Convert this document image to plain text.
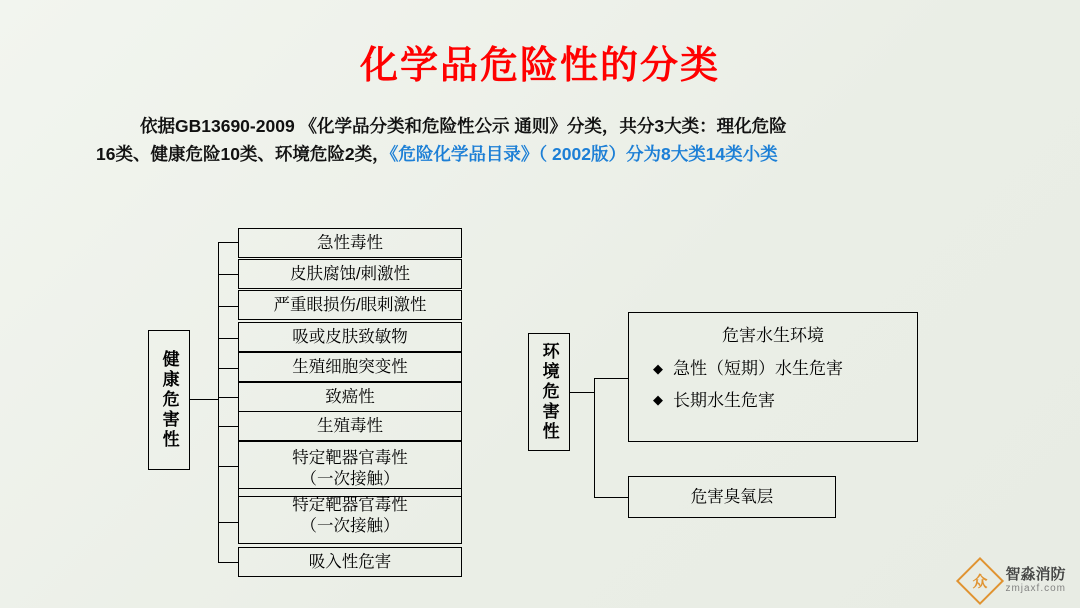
化学品危险性的分类
依据GB13690-2009 《化学品分类和危险性公示 通则》分类，共分3大类：理化危险
16类、健康危险10类、环境危险2类，《危险化学品目录》（ 2002版）分为8大类14类小类
健康危害性
急性毒性
皮肤腐蚀/刺激性
严重眼损伤/眼刺激性
吸或皮肤致敏物
生殖细胞突变性
致癌性
生殖毒性
特定靶器官毒性
（一次接触）
特定靶器官毒性
（一次接触）
吸入性危害
环境危害性
危害水生环境
◆ 急性（短期）水生危害
◆ 长期水生危害
危害臭氧层
众 智淼消防
zmjaxf.com
